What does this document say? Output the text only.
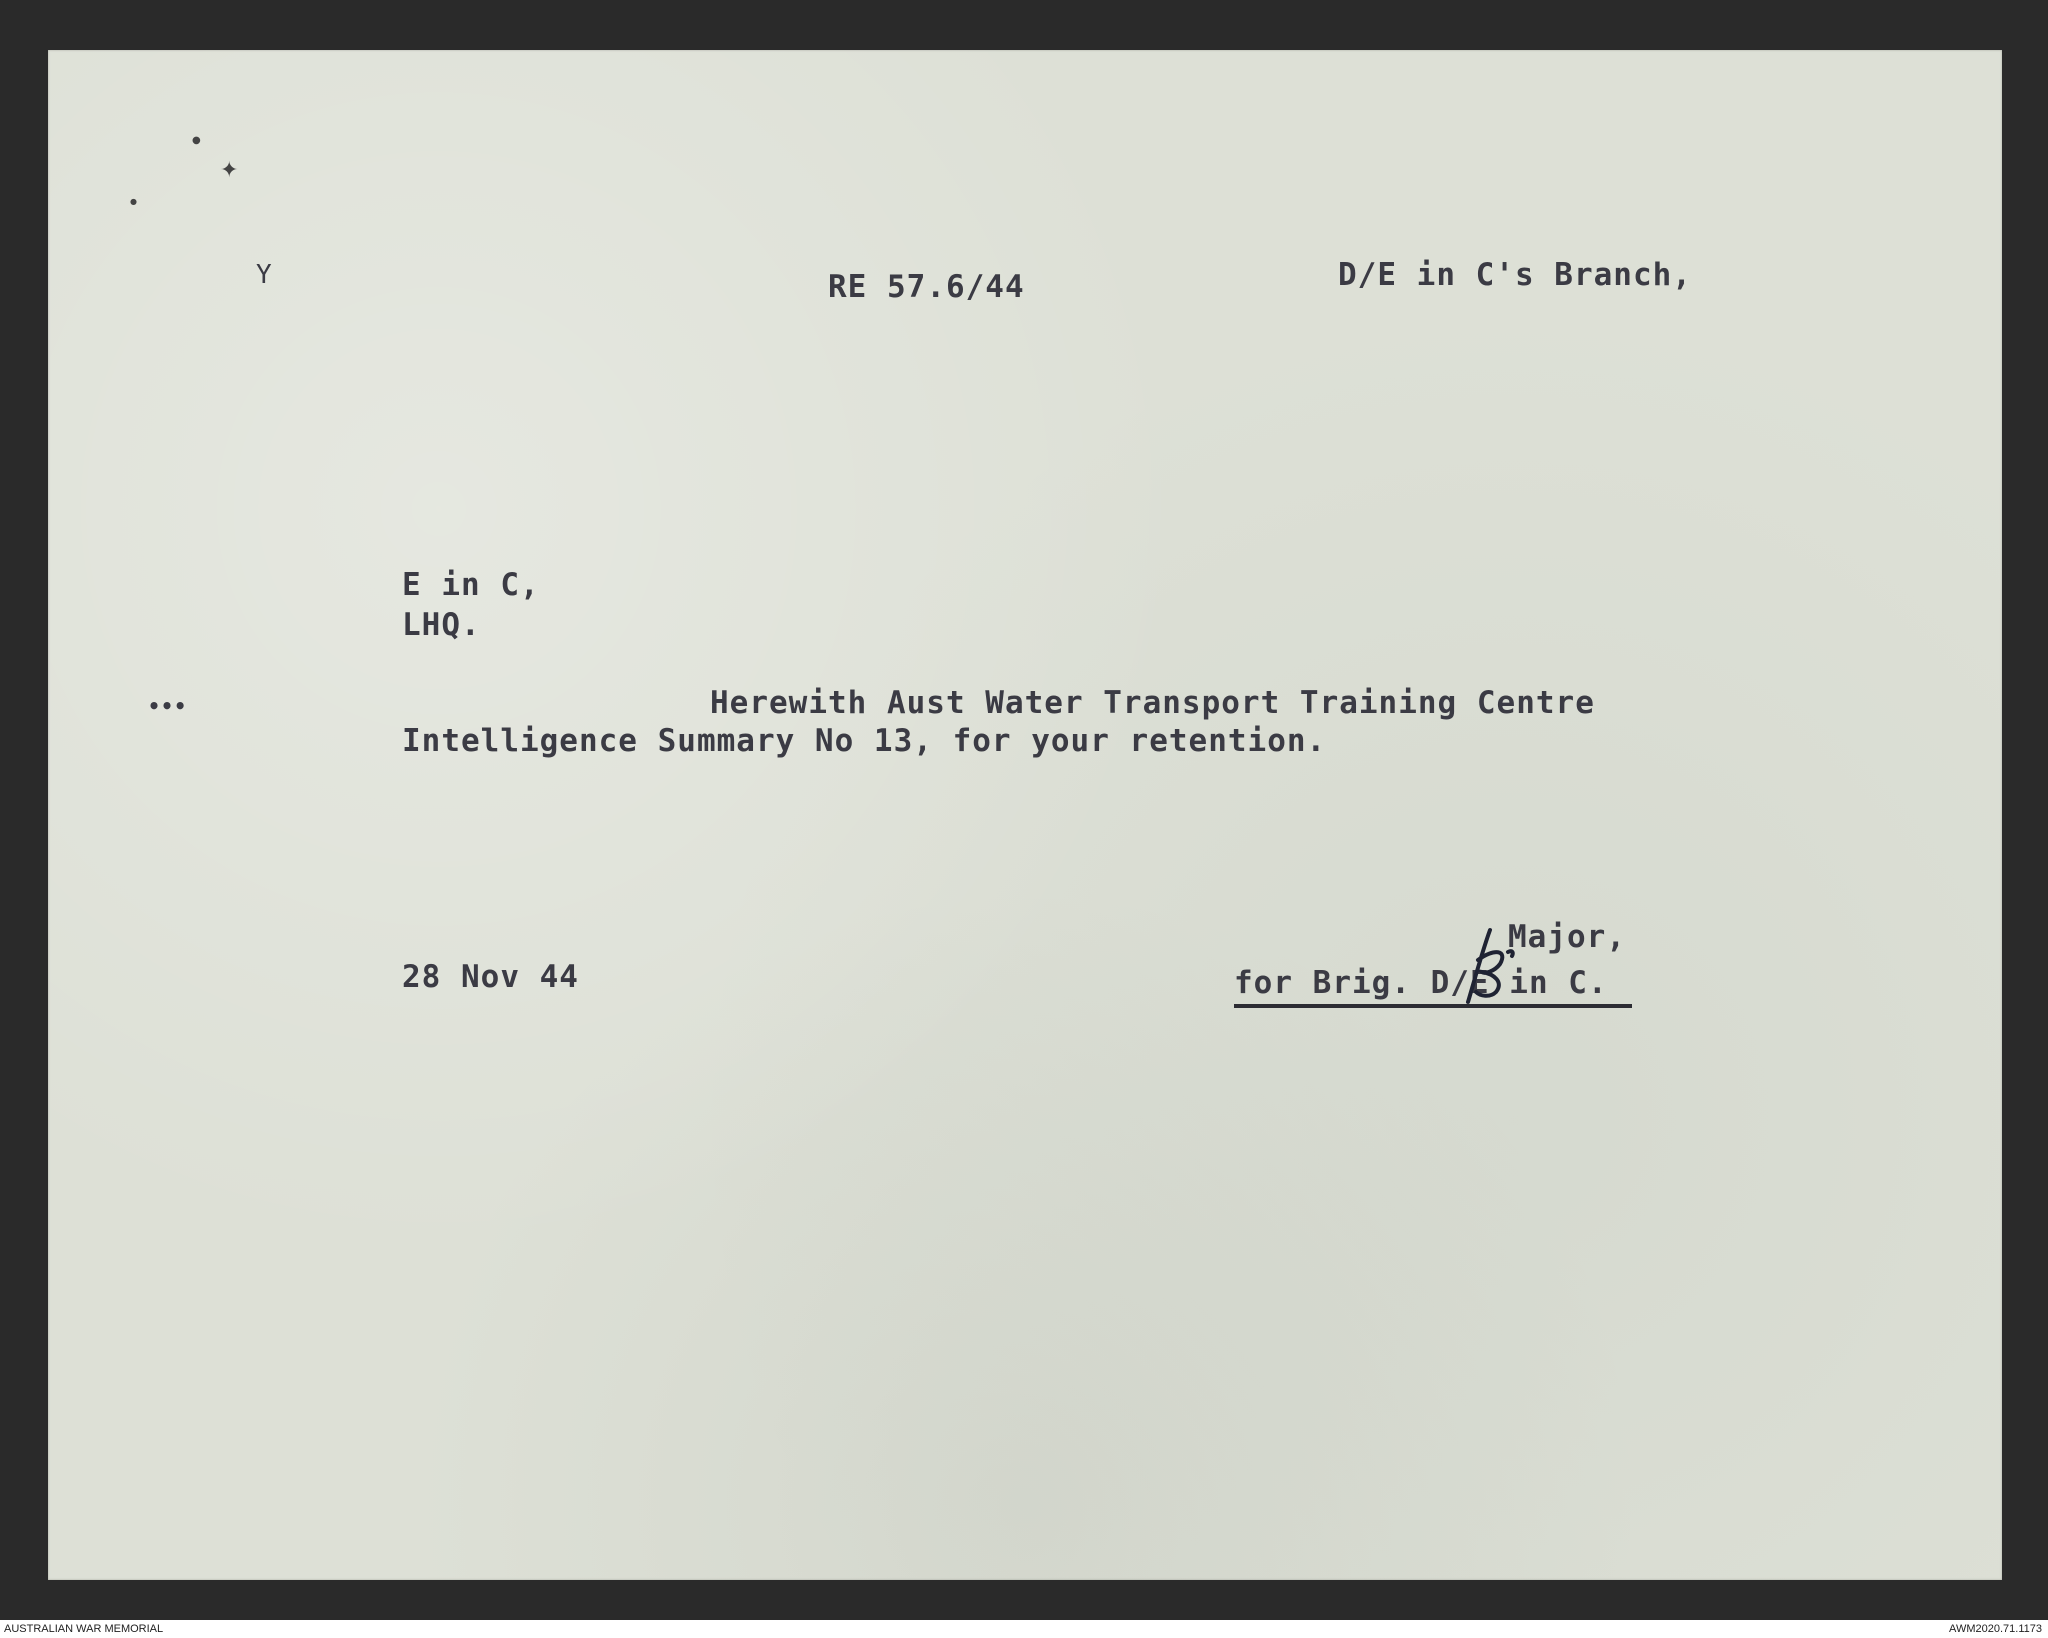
●
✦
●
Y	RE 57.6/44	D/E in C's Branch,
E in C,
LHQ.
•••	Herewith Aust Water Transport Training Centre
Intelligence Summary No 13, for your retention.
28 Nov 44
Major,
for Brig. D/E in C.
AUSTRALIAN WAR MEMORIAL	AWM2020.71.1173
